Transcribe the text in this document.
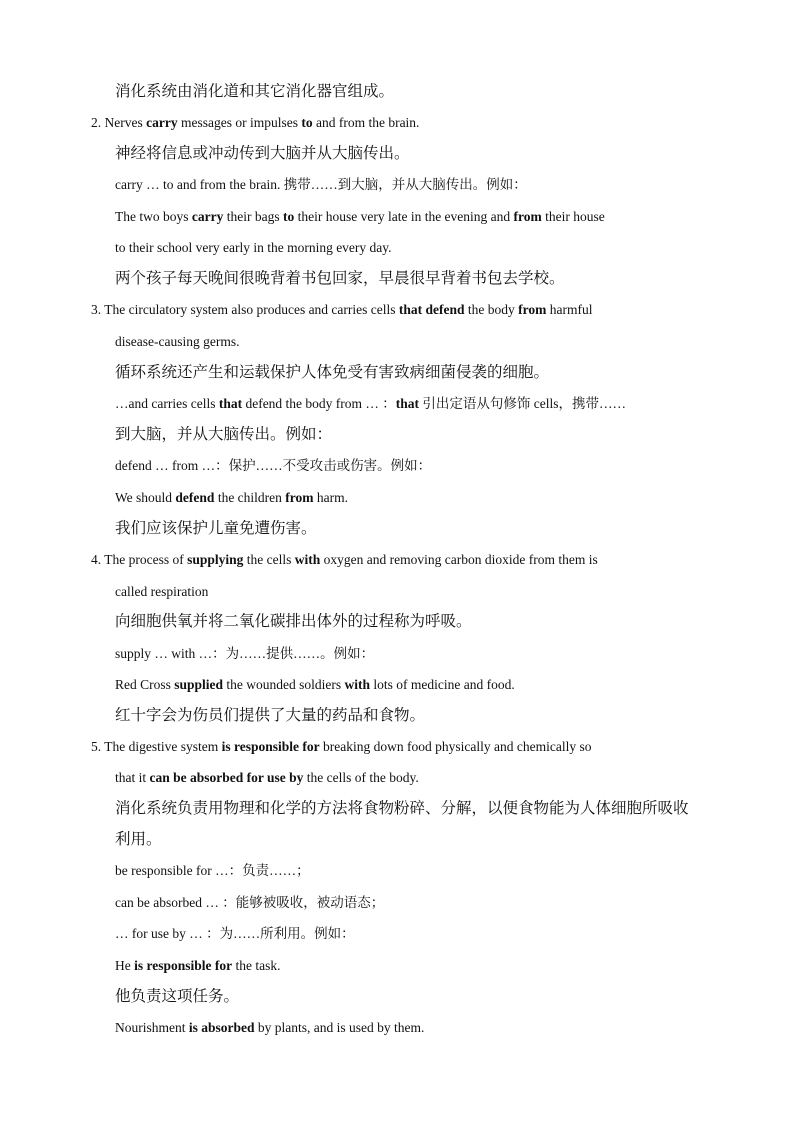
消化系统由消化道和其它消化器官组成。
2. Nerves carry messages or impulses to and from the brain.
神经将信息或冲动传到大脑并从大脑传出。
carry … to and from the brain. 携带……到大脑，并从大脑传出。例如：
The two boys carry their bags to their house very late in the evening and from their house
to their school very early in the morning every day.
两个孩子每天晚间很晚背着书包回家，早晨很早背着书包去学校。
3. The circulatory system also produces and carries cells that defend the body from harmful
disease-causing germs.
循环系统还产生和运载保护人体免受有害致病细菌侵袭的细胞。
…and carries cells that defend the body from … ：that 引出定语从句修饰 cells，携带……
到大脑，并从大脑传出。例如：
defend … from …：保护……不受攻击或伤害。例如：
We should defend the children from harm.
我们应该保护儿童免遭伤害。
4. The process of supplying the cells with oxygen and removing carbon dioxide from them is
called respiration
向细胞供氧并将二氧化碳排出体外的过程称为呼吸。
supply … with …：为……提供……。例如：
Red Cross supplied the wounded soldiers with lots of medicine and food.
红十字会为伤员们提供了大量的药品和食物。
5. The digestive system is responsible for breaking down food physically and chemically so
that it can be absorbed for use by the cells of the body.
消化系统负责用物理和化学的方法将食物粉碎、分解，以便食物能为人体细胞所吸收
利用。
be responsible for …：负责……；
can be absorbed … ：能够被吸收，被动语态；
… for use by … ：为……所利用。例如：
He is responsible for the task.
他负责这项任务。
Nourishment is absorbed by plants, and is used by them.
